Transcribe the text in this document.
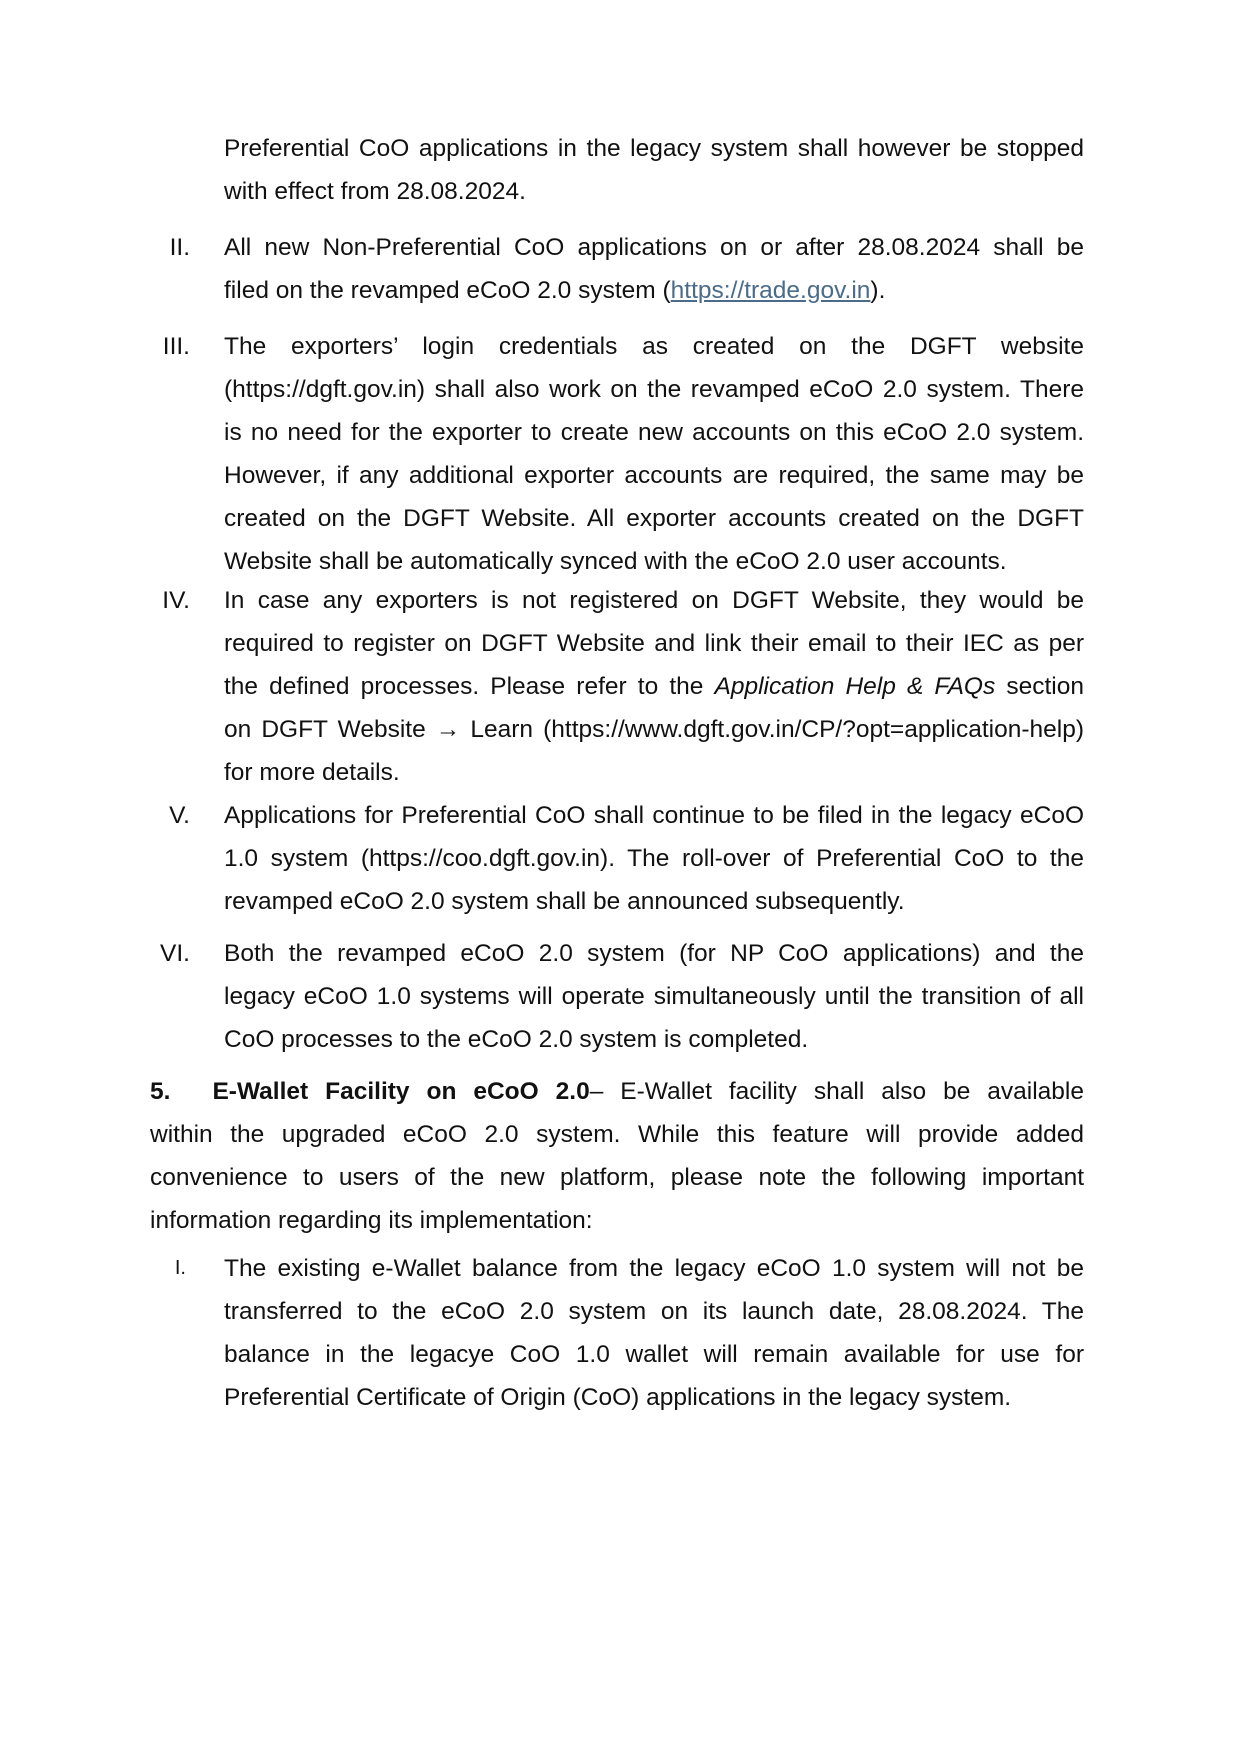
Preferential CoO applications in the legacy system shall however be stopped
with effect from 28.08.2024.
II. All new Non-Preferential CoO applications on or after 28.08.2024 shall be
filed on the revamped eCoO 2.0 system (https://trade.gov.in).
III. The exporters’ login credentials as created on the DGFT website
(https://dgft.gov.in) shall also work on the revamped eCoO 2.0 system. There
is no need for the exporter to create new accounts on this eCoO 2.0 system.
However, if any additional exporter accounts are required, the same may be
created on the DGFT Website. All exporter accounts created on the DGFT
Website shall be automatically synced with the eCoO 2.0 user accounts.
IV. In case any exporters is not registered on DGFT Website, they would be
required to register on DGFT Website and link their email to their IEC as per
the defined processes. Please refer to the Application Help & FAQs section
on DGFT Website → Learn (https://www.dgft.gov.in/CP/?opt=application-help)
for more details.
V. Applications for Preferential CoO shall continue to be filed in the legacy eCoO
1.0 system (https://coo.dgft.gov.in). The roll-over of Preferential CoO to the
revamped eCoO 2.0 system shall be announced subsequently.
VI. Both the revamped eCoO 2.0 system (for NP CoO applications) and the
legacy eCoO 1.0 systems will operate simultaneously until the transition of all
CoO processes to the eCoO 2.0 system is completed.
5. E-Wallet Facility on eCoO 2.0– E-Wallet facility shall also be available
within the upgraded eCoO 2.0 system. While this feature will provide added
convenience to users of the new platform, please note the following important
information regarding its implementation:
I. The existing e-Wallet balance from the legacy eCoO 1.0 system will not be
transferred to the eCoO 2.0 system on its launch date, 28.08.2024. The
balance in the legacye CoO 1.0 wallet will remain available for use for
Preferential Certificate of Origin (CoO) applications in the legacy system.
